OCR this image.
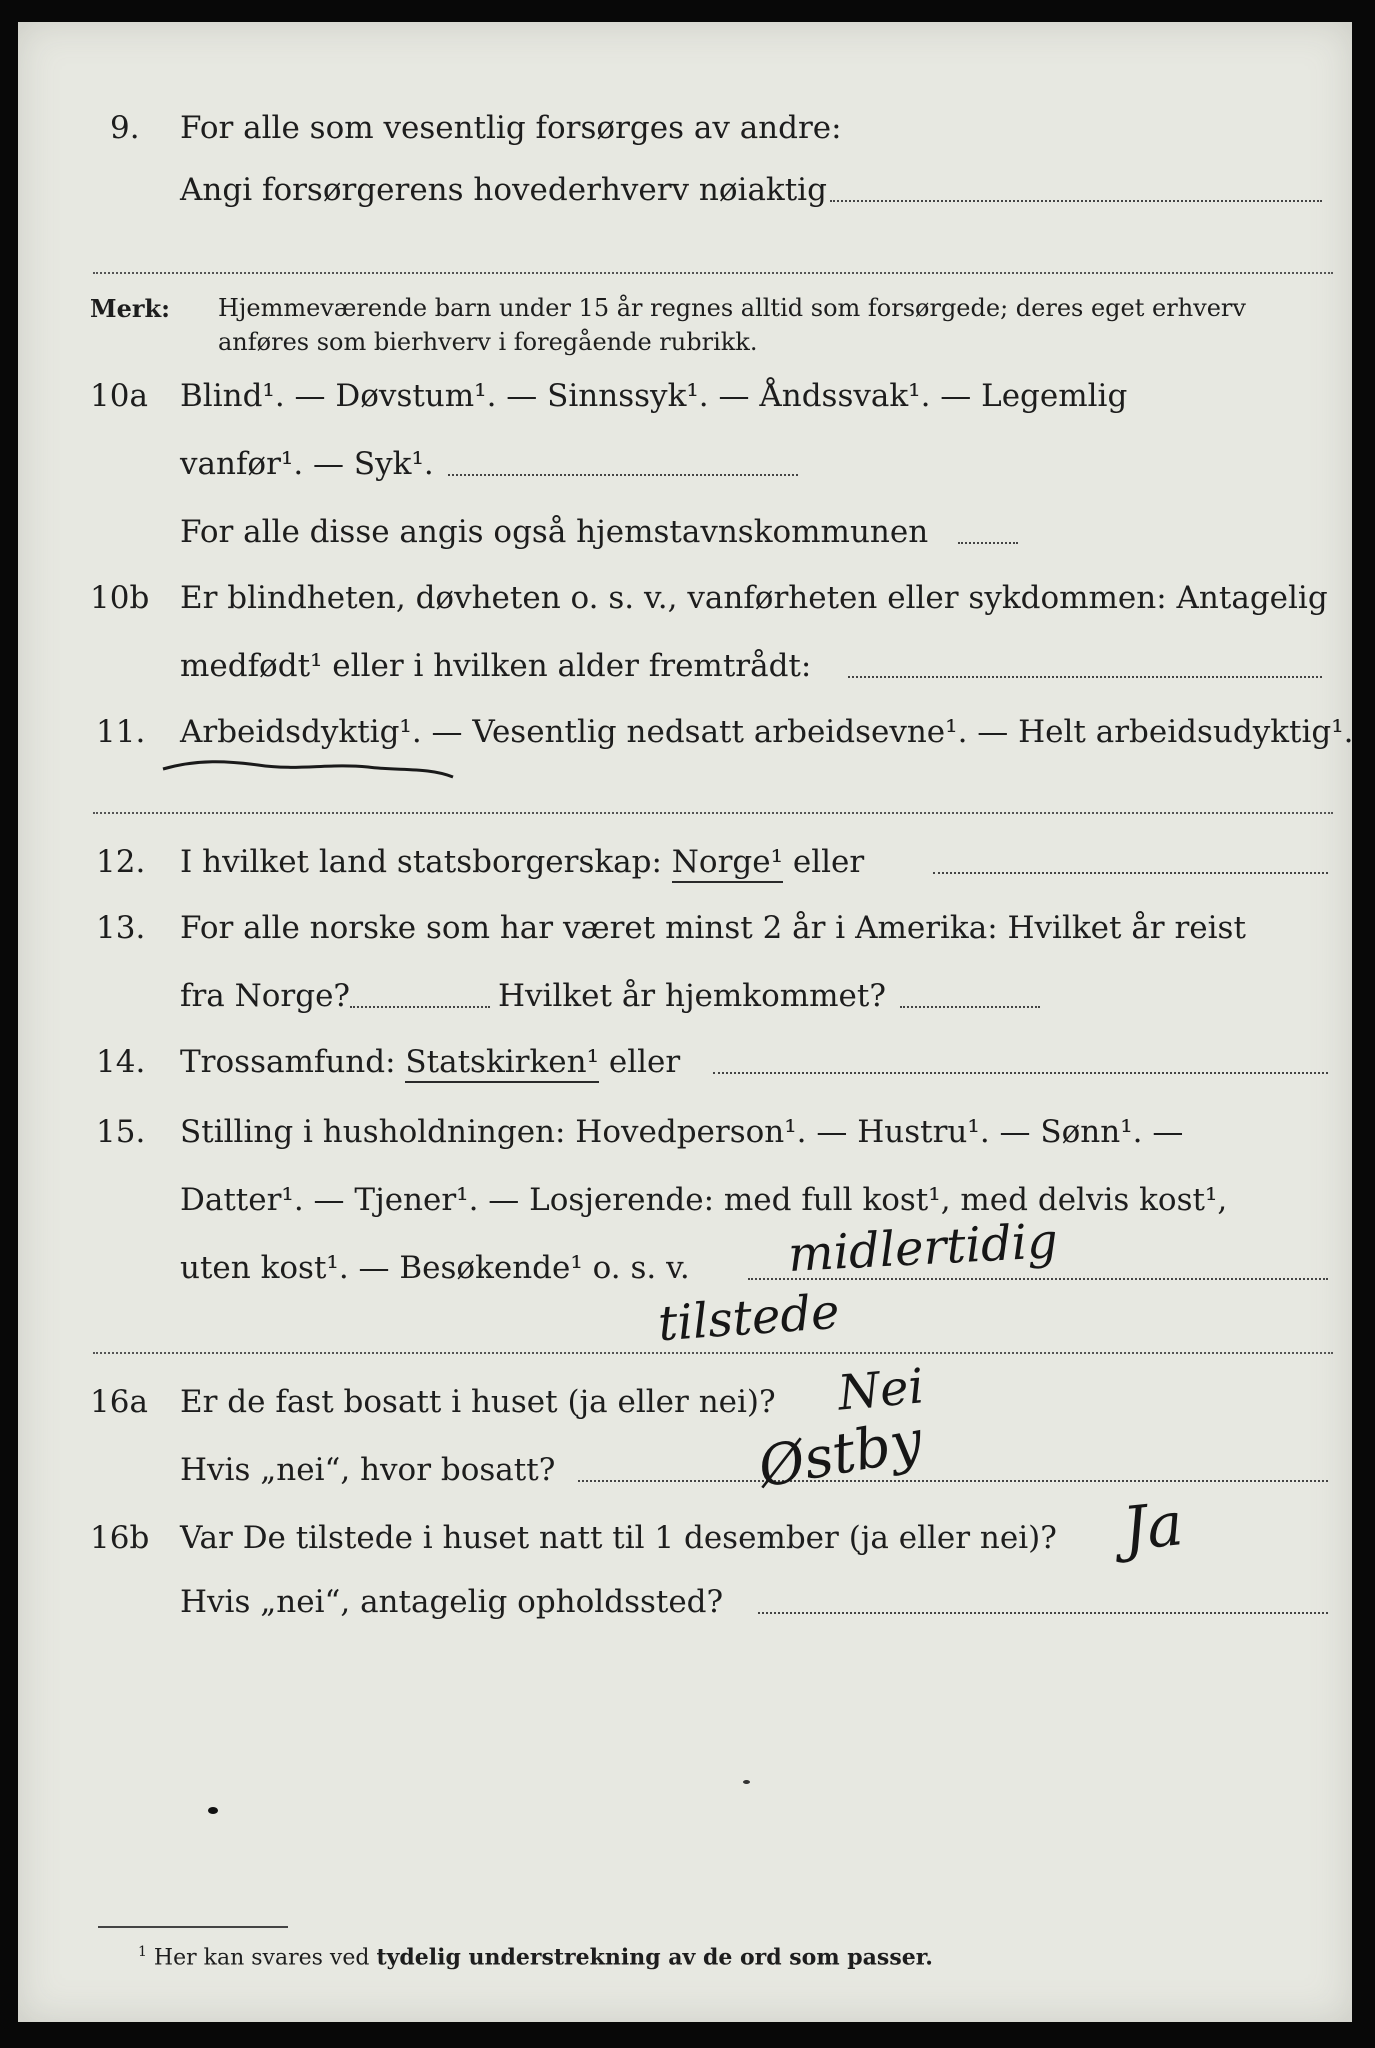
9. For alle som vesentlig forsørges av andre:
Angi forsørgerens hovederhverv nøiaktig
Merk: Hjemmeværende barn under 15 år regnes alltid som forsørgede; deres eget erhverv
anføres som bierhverv i foregående rubrikk.
10a Blind¹. — Døvstum¹. — Sinnssyk¹. — Åndssvak¹. — Legemlig
vanfør¹. — Syk¹.
For alle disse angis også hjemstavnskommunen
10b Er blindheten, døvheten o. s. v., vanførheten eller sykdommen: Antagelig
medfødt¹ eller i hvilken alder fremtrådt:
11. Arbeidsdyktig¹. — Vesentlig nedsatt arbeidsevne¹. — Helt arbeidsudyktig¹.
12. I hvilket land statsborgerskap: Norge¹ eller
13. For alle norske som har været minst 2 år i Amerika: Hvilket år reist
fra Norge?	Hvilket år hjemkommet?
14. Trossamfund: Statskirken¹ eller
15. Stilling i husholdningen: Hovedperson¹. — Hustru¹. — Sønn¹. —
Datter¹. — Tjener¹. — Losjerende: med full kost¹, med delvis kost¹,
uten kost¹. — Besøkende¹ o. s. v. midlertidig
tilstede
16a Er de fast bosatt i huset (ja eller nei)? Nei
Hvis „nei“, hvor bosatt?	Østby
16b Var De tilstede i huset natt til 1 desember (ja eller nei)? Ja
Hvis „nei“, antagelig opholdssted?
$^1$ Her kan svares ved tydelig understrekning av de ord som passer.
